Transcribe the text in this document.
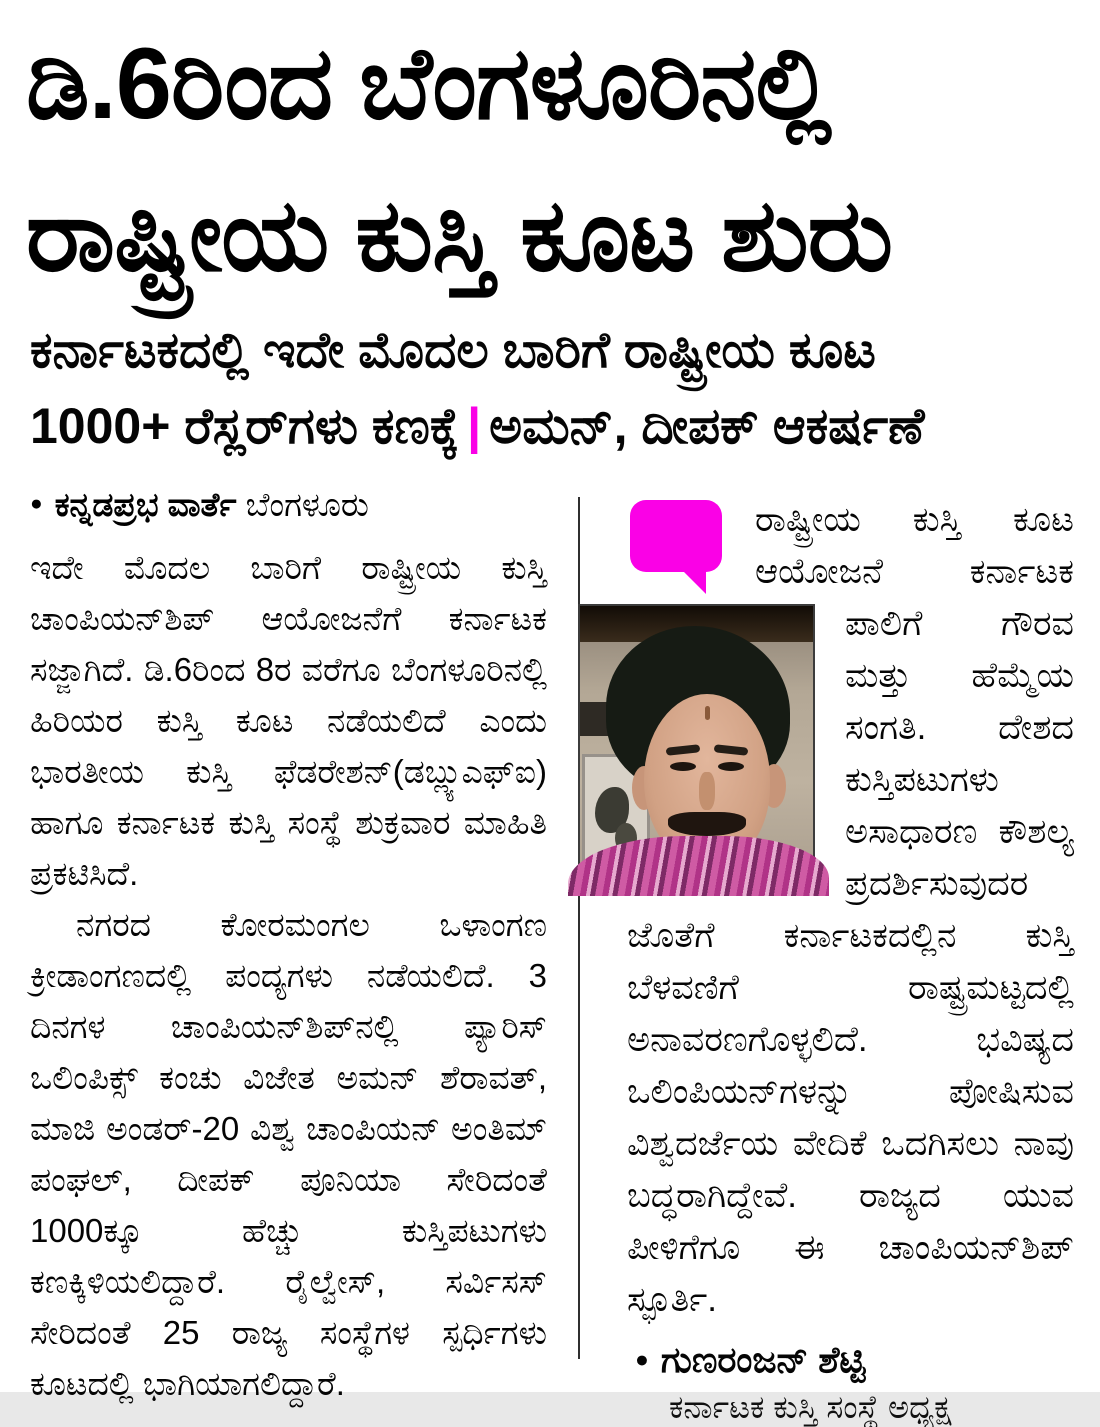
ಡಿ.6ರಿಂದ ಬೆಂಗಳೂರಿನಲ್ಲಿ
ರಾಷ್ಟ್ರೀಯ ಕುಸ್ತಿ ಕೂಟ ಶುರು
ಕರ್ನಾಟಕದಲ್ಲಿ ಇದೇ ಮೊದಲ ಬಾರಿಗೆ ರಾಷ್ಟ್ರೀಯ ಕೂಟ
1000+ ರೆಸ್ಲರ್‌ಗಳು ಕಣಕ್ಕೆ | ಅಮನ್, ದೀಪಕ್ ಆಕರ್ಷಣೆ
● ಕನ್ನಡಪ್ರಭ ವಾರ್ತೆ ಬೆಂಗಳೂರು

ಇದೇ ಮೊದಲ ಬಾರಿಗೆ ರಾಷ್ಟ್ರೀಯ ಕುಸ್ತಿ ಚಾಂಪಿಯನ್‌ಶಿಪ್ ಆಯೋಜನೆಗೆ ಕರ್ನಾಟಕ ಸಜ್ಜಾಗಿದೆ. ಡಿ.6ರಿಂದ 8ರ ವರೆಗೂ ಬೆಂಗಳೂರಿನಲ್ಲಿ ಹಿರಿಯರ ಕುಸ್ತಿ ಕೂಟ ನಡೆಯಲಿದೆ ಎಂದು ಭಾರತೀಯ ಕುಸ್ತಿ ಫೆಡರೇಶನ್(ಡಬ್ಲ್ಯುಎಫ್ಐ) ಹಾಗೂ ಕರ್ನಾಟಕ ಕುಸ್ತಿ ಸಂಸ್ಥೆ ಶುಕ್ರವಾರ ಮಾಹಿತಿ ಪ್ರಕಟಿಸಿದೆ.

ನಗರದ ಕೋರಮಂಗಲ ಒಳಾಂಗಣ ಕ್ರೀಡಾಂಗಣದಲ್ಲಿ ಪಂದ್ಯಗಳು ನಡೆಯಲಿದೆ. 3 ದಿನಗಳ ಚಾಂಪಿಯನ್‌ಶಿಪ್‌ನಲ್ಲಿ ಪ್ಯಾರಿಸ್ ಒಲಿಂಪಿಕ್ಸ್ ಕಂಚು ವಿಜೇತ ಅಮನ್ ಶೆರಾವತ್, ಮಾಜಿ ಅಂಡರ್-20 ವಿಶ್ವ ಚಾಂಪಿಯನ್ ಅಂತಿಮ್ ಪಂಘಲ್, ದೀಪಕ್ ಪೂನಿಯಾ ಸೇರಿದಂತೆ 1000ಕ್ಕೂ ಹೆಚ್ಚು ಕುಸ್ತಿಪಟುಗಳು ಕಣಕ್ಕಿಳಿಯಲಿದ್ದಾರೆ. ರೈಲ್ವೇಸ್, ಸರ್ವಿಸಸ್ ಸೇರಿದಂತೆ 25 ರಾಜ್ಯ ಸಂಸ್ಥೆಗಳ ಸ್ಪರ್ಧಿಗಳು ಕೂಟದಲ್ಲಿ ಭಾಗಿಯಾಗಲಿದ್ದಾರೆ.

ರಾಷ್ಟ್ರೀಯ ಕುಸ್ತಿ ಕೂಟ ಆಯೋಜನೆ ಕರ್ನಾಟಕ ಪಾಲಿಗೆ ಗೌರವ ಮತ್ತು ಹೆಮ್ಮೆಯ ಸಂಗತಿ. ದೇಶದ ಕುಸ್ತಿಪಟುಗಳು ಅಸಾಧಾರಣ ಕೌಶಲ್ಯ ಪ್ರದರ್ಶಿಸುವುದರ ಜೊತೆಗೆ ಕರ್ನಾಟಕದಲ್ಲಿನ ಕುಸ್ತಿ ಬೆಳವಣಿಗೆ ರಾಷ್ಟ್ರಮಟ್ಟದಲ್ಲಿ ಅನಾವರಣಗೊಳ್ಳಲಿದೆ. ಭವಿಷ್ಯದ ಒಲಿಂಪಿಯನ್‌ಗಳನ್ನು ಪೋಷಿಸುವ ವಿಶ್ವದರ್ಜೆಯ ವೇದಿಕೆ ಒದಗಿಸಲು ನಾವು ಬದ್ಧರಾಗಿದ್ದೇವೆ. ರಾಜ್ಯದ ಯುವ ಪೀಳಿಗೆಗೂ ಈ ಚಾಂಪಿಯನ್‌ಶಿಪ್ ಸ್ಫೂರ್ತಿ.
● ಗುಣರಂಜನ್ ಶೆಟ್ಟಿ
ಕರ್ನಾಟಕ ಕುಸ್ತಿ ಸಂಸ್ಥೆ ಅಧ್ಯಕ್ಷ
